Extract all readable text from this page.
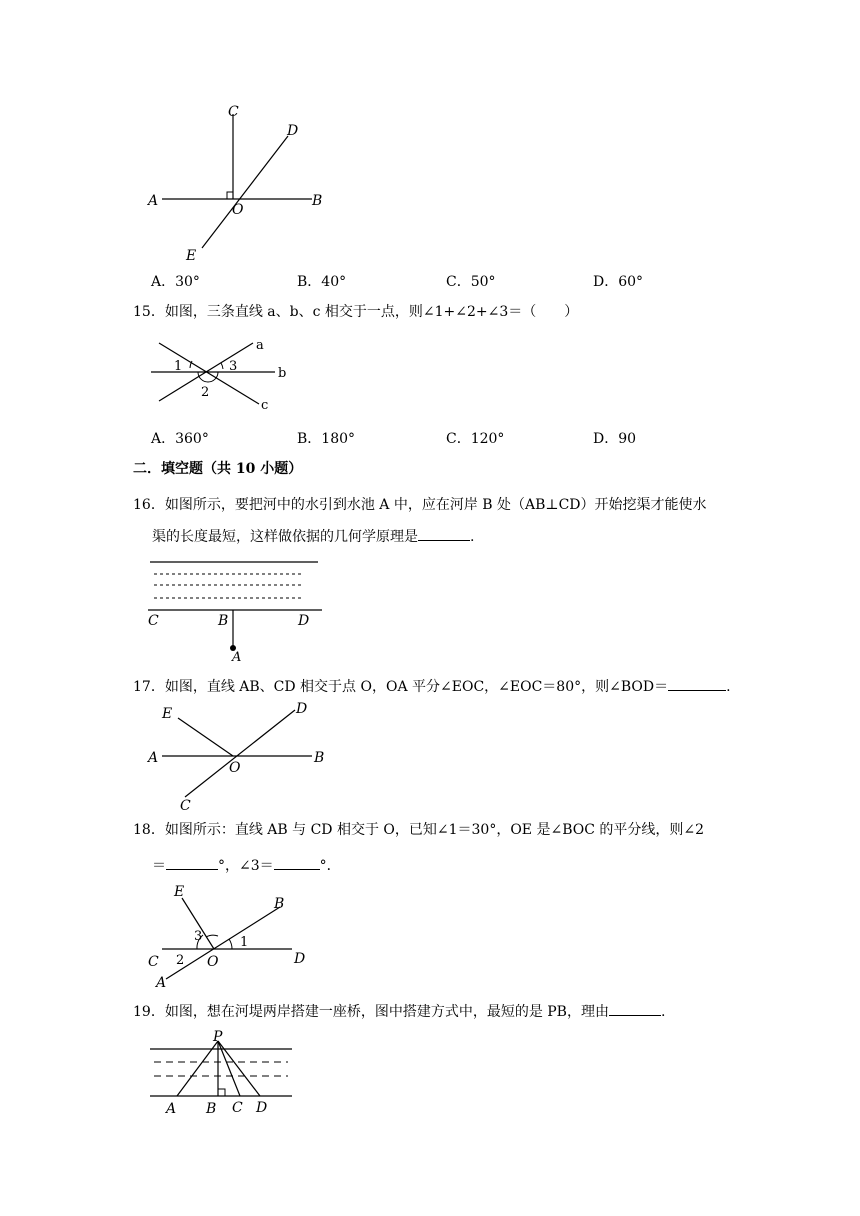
C
D
A
O
B
E
A．30°	B．40°	C．50°	D．60°
15．如图，三条直线 a、b、c 相交于一点，则∠1+∠2+∠3＝（　　）
a
b
c
1
2
3
A．360°	B．180°	C．120°	D．90
二．填空题（共 10 小题）
16．如图所示，要把河中的水引到水池 A 中，应在河岸 B 处（AB⊥CD）开始挖渠才能使水
渠的长度最短，这样做依据的几何学原理是	.
C	B	D
A
17．如图，直线 AB、CD 相交于点 O，OA 平分∠EOC，∠EOC＝80°，则∠BOD＝	.
E	D
A
O
B
C
18．如图所示：直线 AB 与 CD 相交于 O，已知∠1＝30°，OE 是∠BOC 的平分线，则∠2
＝	°，∠3＝	°．
E
B
3	1
C 2 O	D
A
19．如图，想在河堤两岸搭建一座桥，图中搭建方式中，最短的是 PB，理由	.
P
A B C D
